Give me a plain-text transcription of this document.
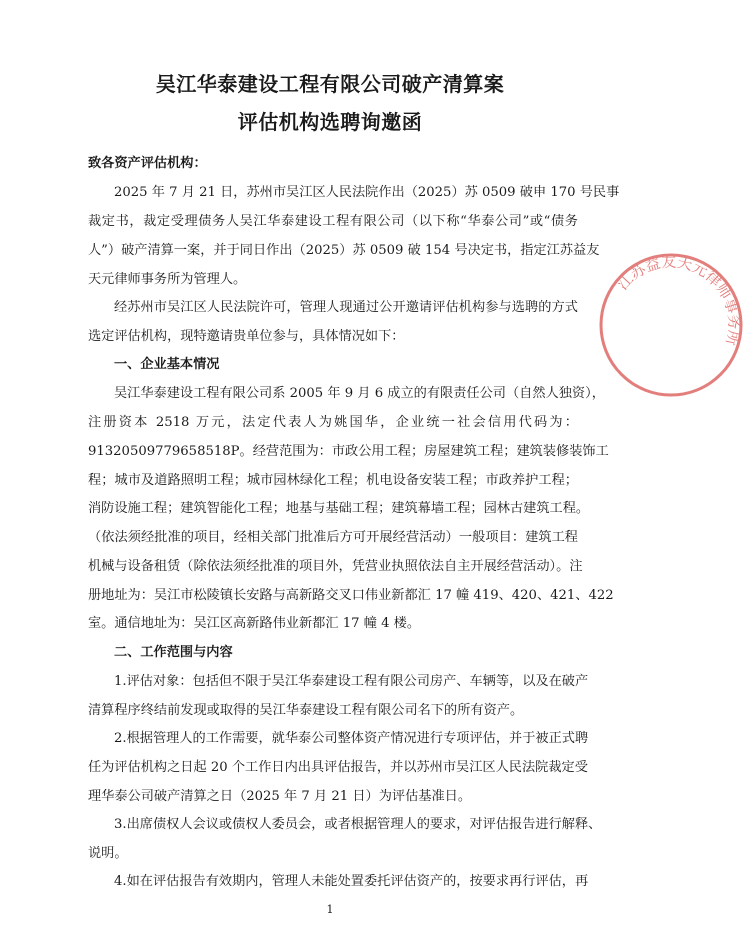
吴江华泰建设工程有限公司破产清算案
评估机构选聘询邀函
致各资产评估机构：
2025 年 7 月 21 日，苏州市吴江区人民法院作出（2025）苏 0509 破申 170 号民事
裁定书，裁定受理债务人吴江华泰建设工程有限公司（以下称“华泰公司”或“债务
人”）破产清算一案，并于同日作出（2025）苏 0509 破 154 号决定书，指定江苏益友
天元律师事务所为管理人。
经苏州市吴江区人民法院许可，管理人现通过公开邀请评估机构参与选聘的方式
选定评估机构，现特邀请贵单位参与，具体情况如下：
一、企业基本情况
吴江华泰建设工程有限公司系 2005 年 9 月 6 成立的有限责任公司（自然人独资），
注册资本 2518 万元，法定代表人为姚国华，企业统一社会信用代码为：
91320509779658518P。经营范围为：市政公用工程；房屋建筑工程；建筑装修装饰工
程；城市及道路照明工程；城市园林绿化工程；机电设备安装工程；市政养护工程；
消防设施工程；建筑智能化工程；地基与基础工程；建筑幕墙工程；园林古建筑工程。
（依法须经批准的项目，经相关部门批准后方可开展经营活动）一般项目：建筑工程
机械与设备租赁（除依法须经批准的项目外，凭营业执照依法自主开展经营活动）。注
册地址为：吴江市松陵镇长安路与高新路交叉口伟业新都汇 17 幢 419、420、421、422
室。通信地址为：吴江区高新路伟业新都汇 17 幢 4 楼。
二、工作范围与内容
1.评估对象：包括但不限于吴江华泰建设工程有限公司房产、车辆等，以及在破产
清算程序终结前发现或取得的吴江华泰建设工程有限公司名下的所有资产。
2.根据管理人的工作需要，就华泰公司整体资产情况进行专项评估，并于被正式聘
任为评估机构之日起 20 个工作日内出具评估报告，并以苏州市吴江区人民法院裁定受
理华泰公司破产清算之日（2025 年 7 月 21 日）为评估基准日。
3.出席债权人会议或债权人委员会，或者根据管理人的要求，对评估报告进行解释、
说明。
4.如在评估报告有效期内，管理人未能处置委托评估资产的，按要求再行评估，再
1
江苏益友天元律师事务所
